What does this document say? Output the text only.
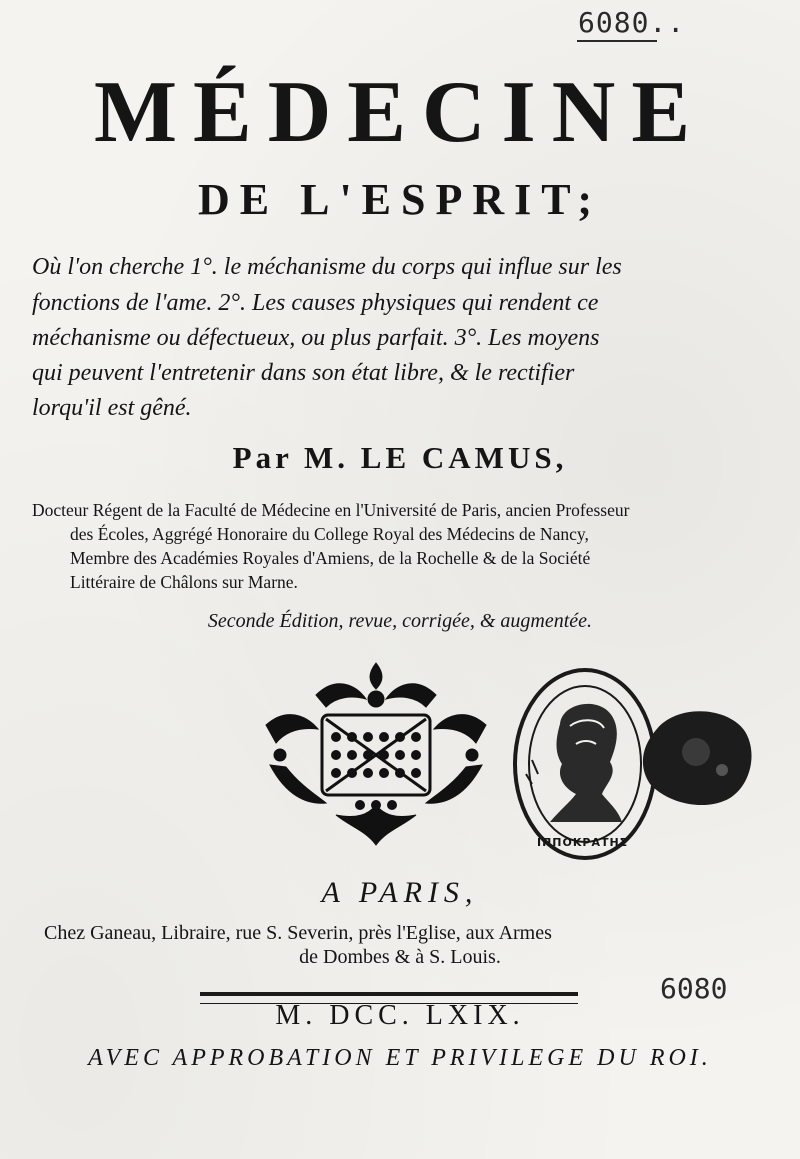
6080..
MÉDECINE
DE L'ESPRIT;
Où l'on cherche 1°. le méchanisme du corps qui influe sur les
fonctions de l'ame. 2°. Les causes physiques qui rendent ce
méchanisme ou défectueux, ou plus parfait. 3°. Les moyens
qui peuvent l'entretenir dans son état libre, & le rectifier
lorqu'il est gêné.
Par M. LE CAMUS,
Docteur Régent de la Faculté de Médecine en l'Université de Paris, ancien Professeur
des Écoles, Aggrégé Honoraire du College Royal des Médecins de Nancy,
Membre des Académies Royales d'Amiens, de la Rochelle & de la Société
Littéraire de Châlons sur Marne.
Seconde Édition, revue, corrigée, & augmentée.
ΙΠΠΟΚΡΑΤΗΣ
A PARIS,
Chez Ganeau, Libraire, rue S. Severin, près l'Eglise, aux Armes
de Dombes & à S. Louis.
6080
M. DCC. LXIX.
AVEC APPROBATION ET PRIVILEGE DU ROI.
